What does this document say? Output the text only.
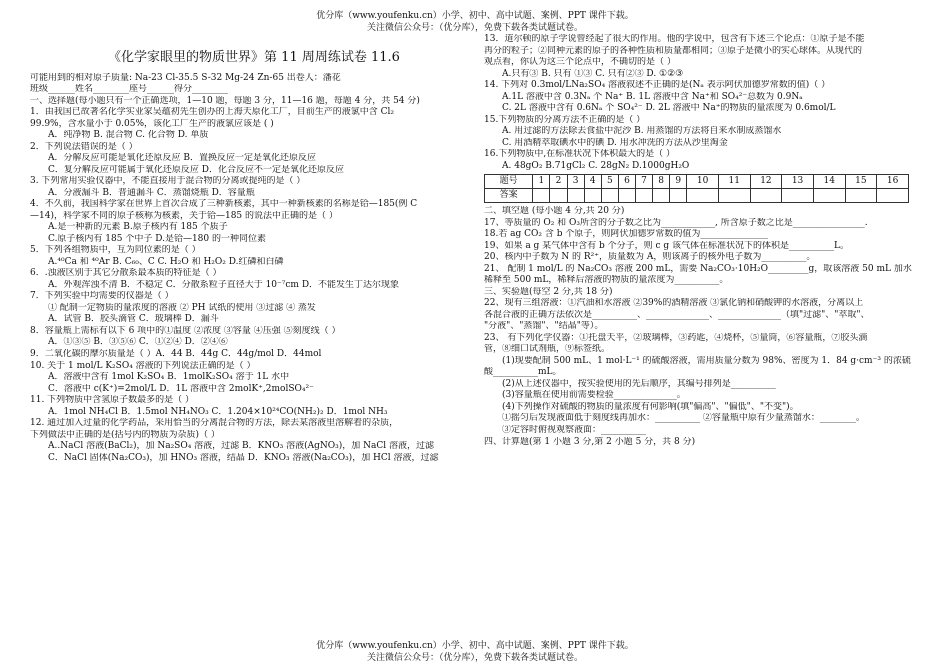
优分库（www.youfenku.cn）小学、初中、高中试题、案例、PPT 课件下载。
关注微信公众号：（优分库），免费下载各类试题试卷。
《化学家眼里的物质世界》第 11 周周练试卷 11.6
可能用到的相对原子质量: Na-23 Cl-35.5 S-32 Mg-24 Zn-65 出卷人：潘花
班级______姓名________座号______得分________
一、选择题(每小题只有一个正确选项，1—10 题，每题 3 分，11—16 题，每题 4 分，共 54 分)
1．由我国已故著名化学实业家吴蕴初先生创办的上海天原化工厂，目前生产的液氯中含 Cl₂
99.9%，含水量小于 0.05%，该化工厂生产的液氯应该是 ( )
A．纯净物 B. 混合物 C. 化合物 D. 单质
2．下列说法错误的是（ ）
A．分解反应可能是氧化还原反应 B．置换反应一定是氧化还原反应
C．复分解反应可能属于氧化还原反应 D．化合反应不一定是氧化还原反应
3. 下列常用实验仪器中，不能直接用于混合物的分离或提纯的是（ ）
A．分液漏斗 B．普通漏斗 C．蒸馏烧瓶 D．容量瓶
4．不久前，我国科学家在世界上首次合成了三种新核素，其中一种新核素的名称是铪—185(例 C
—14)，科学家不同的原子核称为核素，关于铪—185 的说法中正确的是（ ）
A.是一种新的元素 B.原子核内有 185 个质子
C.原子核内有 185 个中子 D.是铪—180 的一种同位素
5．下列各组物质中，互为同位素的是（ ）
A.⁴⁰Ca 和 ⁴⁰Ar B. C₆₀、C C. H₂O 和 H₂O₂ D.红磷和白磷
6．.浊液区别于其它分散系最本质的特征是（ ）
A．外观浑浊不清 B．不稳定 C．分散系粒子直径大于 10⁻⁷cm D．不能发生丁达尔现象
7．下列实验中均需要的仪器是（ ）
① 配制一定物质的量浓度的溶液 ② PH 试纸的使用 ③过滤 ④ 蒸发
A．试管 B．胶头滴管 C．玻璃棒 D．漏斗
8．容量瓶上需标有以下 6 项中的①温度 ②浓度 ③容量 ④压强 ⑤刻度线（ ）
A．①③⑤ B．③⑤⑥ C．①②④ D．②④⑥
9．二氧化碳的摩尔质量是（ ）A．44 B．44g C．44g/mol D．44mol
10. 关于 1 mol/L K₂SO₄ 溶液的下列说法正确的是（ ）
A．溶液中含有 1mol K₂SO₄ B．1molK₂SO₄ 溶于 1L 水中
C．溶液中 c(K⁺)=2mol/L D．1L 溶液中含 2molK⁺,2molSO₄²⁻
11. 下列物质中含氢原子数最多的是（ ）
A．1mol NH₄Cl B．1.5mol NH₄NO₃ C．1.204×10²⁴CO(NH₂)₂ D．1mol NH₃
12. 通过加入过量的化学药品，采用恰当的分离混合物的方法，除去某溶液里溶解着的杂质，
下列做法中正确的是(括号内的物质为杂质)（ ）
A..NaCl 溶液(BaCl₂)，加 Na₂SO₄ 溶液，过滤 B．KNO₃ 溶液(AgNO₃)，加 NaCl 溶液，过滤
C．NaCl 固体(Na₂CO₃)，加 HNO₃ 溶液，结晶 D．KNO₃ 溶液(Na₂CO₃)，加 HCl 溶液，过滤
13．道尔顿的原子学说曾经起了很大的作用。他的学说中，包含有下述三个论点：①原子是不能
再分的粒子；②同种元素的原子的各种性质和质量都相同；③原子是微小的实心球体。从现代的
观点看，你认为这三个论点中，不确切的是（ ）
A.只有③ B. 只有 ①③ C. 只有②③ D. ①②③
14. 下列对 0.3mol/LNa₂SO₄ 溶液叙述不正确的是(Nₐ 表示阿伏加德罗常数的值)（ ）
A.1L 溶液中含 0.3Nₐ 个 Na⁺ B. 1L 溶液中含 Na⁺和 SO₄²⁻总数为 0.9Nₐ
C. 2L 溶液中含有 0.6Nₐ 个 SO₄²⁻ D. 2L 溶液中 Na⁺的物质的量浓度为 0.6mol/L
15.下列物质的分离方法不正确的是（ ）
A. 用过滤的方法除去食盐中泥沙 B. 用蒸馏的方法将自来水制成蒸馏水
C. 用酒精萃取碘水中的碘 D. 用水冲洗的方法从沙里淘金
16.下列物质中,在标准状况下体积最大的是（ ）
A. 48gO₂ B.71gCl₂ C. 28gN₂ D.1000gH₂O
题号	1	2	3	4	5	6	7	8	9	10	11	12	13	14	15	16
答案																
二、填空题 (每小题 4 分,共 20 分)
17、等质量的 O₂ 和 O₃所含的分子数之比为____________, 所含原子数之比是________________.
18.若 ag CO₂ 含 b 个原子，则阿伏加德罗常数的值为_______________
19、如果 a g 某气体中含有 b 个分子，则 c g 该气体在标准状况下的体积是__________L。
20、核内中子数为 N 的 R²⁺，质量数为 A，则该离子的核外电子数为__________。
21、 配制 1 mol/L 的 Na₂CO₃ 溶液 200 mL，需要 Na₂CO₃·10H₂O_________g，取该溶液 50 mL 加水
稀释至 500 mL，稀释后溶液的物质的量浓度为__________。
三、实验题(每空 2 分,共 18 分)
22、现有三组溶液：①汽油和水溶液 ②39%的酒精溶液 ③氯化钠和硝酸钾的水溶液，分离以上
各混合液的正确方法依次是__________、______________、______________（填"过滤"、"萃取"、
"分液"、"蒸馏"、"结晶"等）。
23、 有下列化学仪器：①托盘天平，②玻璃棒，③药匙，④烧杯，⑤量筒，⑥容量瓶，⑦胶头滴
管，⑧细口试剂瓶，⑨标签纸。
(1)现要配制 500 mL、1 mol·L⁻¹ 的硫酸溶液，需用质量分数为 98%、密度为 1．84 g·cm⁻³ 的浓硫
酸__________mL。
(2)从上述仪器中，按实验使用的先后顺序，其编号排列是__________
(3)容量瓶在使用前需要检验______________。
(4)下列操作对硫酸的物质的量浓度有何影响(填"偏高"、"偏低"、"不变")。
①摇匀后发现液面低于刻度线再加水：__________ ②容量瓶中原有少量蒸馏水：________。
③定容时俯视观察液面：__________
四、计算题(第 1 小题 3 分,第 2 小题 5 分，共 8 分)
优分库（www.youfenku.cn）小学、初中、高中试题、案例、PPT 课件下载。
关注微信公众号：（优分库），免费下载各类试题试卷。
